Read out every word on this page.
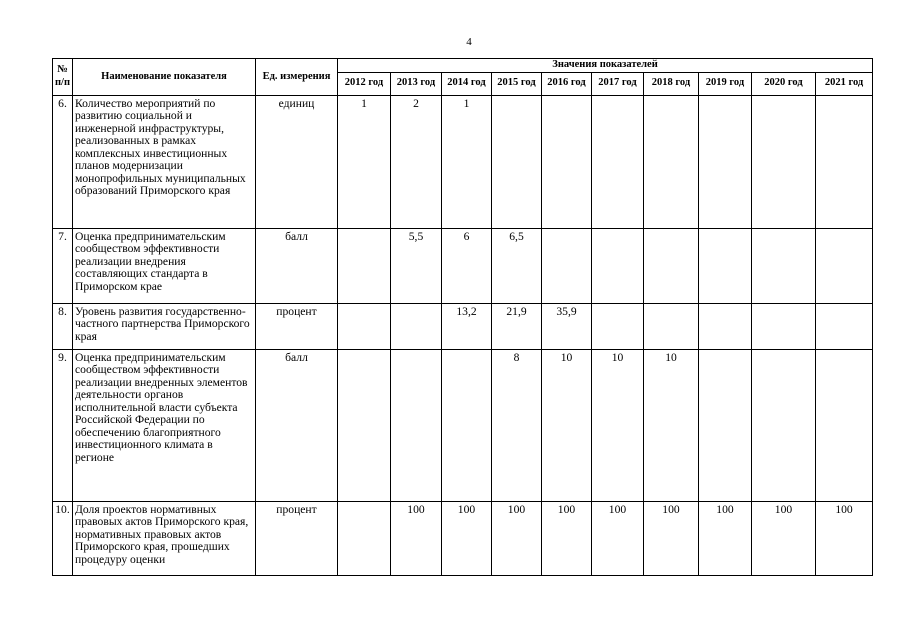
4
№ п/п	Наименование показателя	Ед. измерения	Значения показателей									
			2012 год	2013 год	2014 год	2015 год	2016 год	2017 год	2018 год	2019 год	2020 год	2021 год
6.	Количество мероприятий по развитию социальной и инженерной инфраструктуры, реализованных в рамках комплексных инвестиционных планов модернизации монопрофильных муниципальных образований Приморского края	единиц	1	2	1							
7.	Оценка предпринимательским сообществом эффективности реализации внедрения составляющих стандарта в Приморском крае	балл		5,5	6	6,5						
8.	Уровень развития государственно-частного партнерства Приморского края	процент			13,2	21,9	35,9					
9.	Оценка предпринимательским сообществом эффективности реализации внедренных элементов деятельности органов исполнительной власти субъекта Российской Федерации по обеспечению благоприятного инвестиционного климата в регионе	балл				8	10	10	10			
10.	Доля проектов нормативных правовых актов Приморского края, нормативных правовых актов Приморского края, прошедших процедуру оценки	процент		100	100	100	100	100	100	100	100	100
